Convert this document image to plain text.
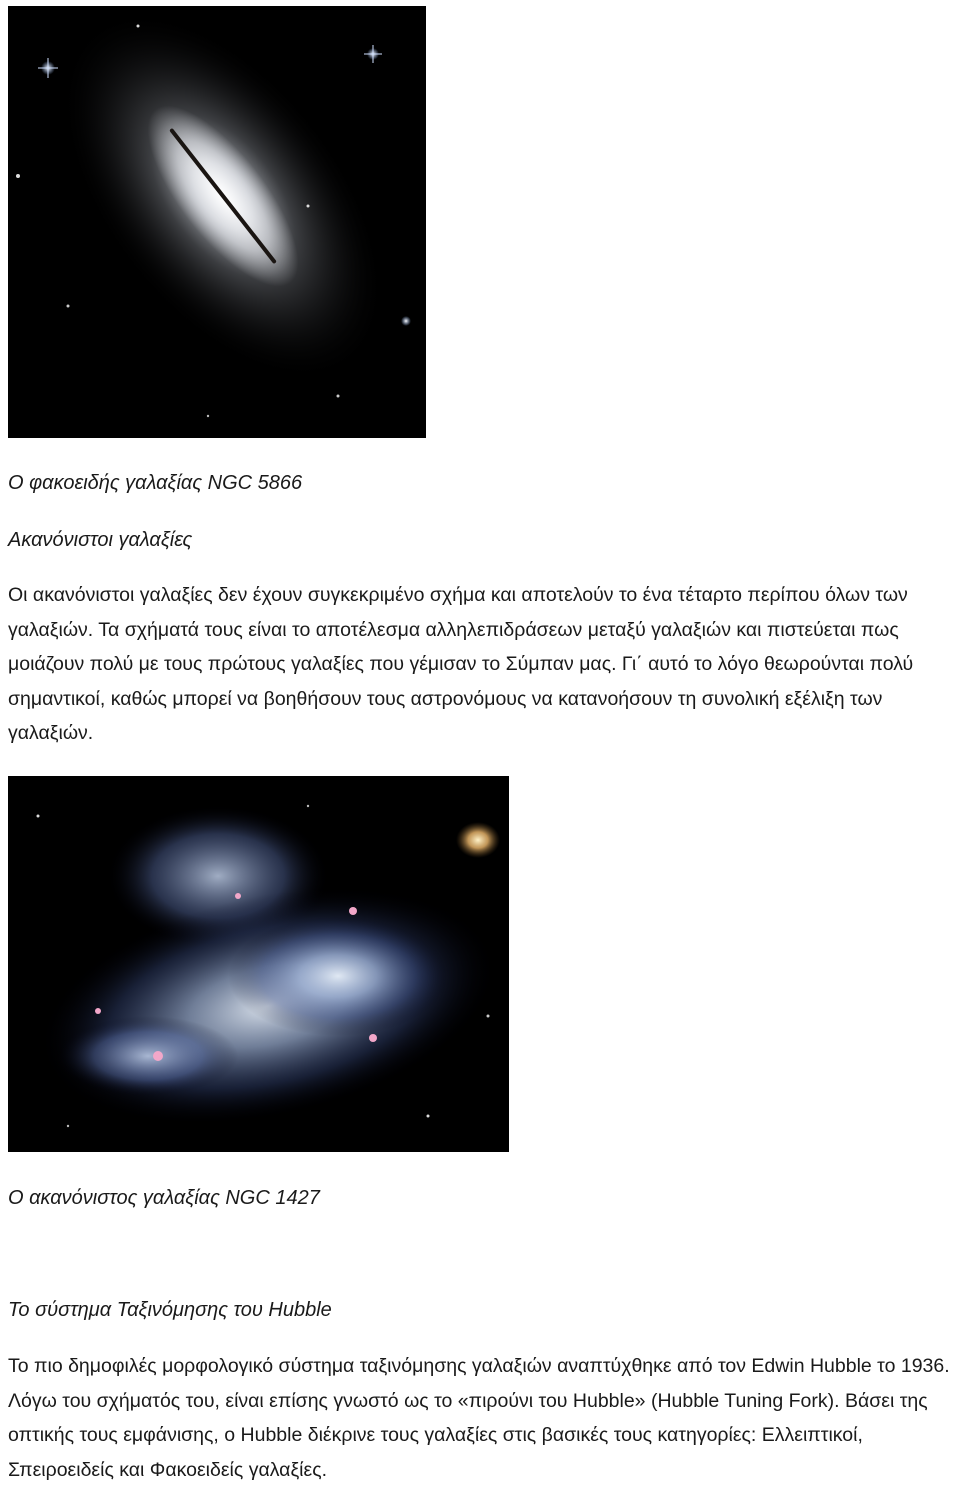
Ο φακοειδής γαλαξίας NGC 5866
Ακανόνιστοι γαλαξίες

Οι ακανόνιστοι γαλαξίες δεν έχουν συγκεκριμένο σχήμα και αποτελούν το ένα τέταρτο περίπου όλων των γαλαξιών. Τα σχήματά τους είναι το αποτέλεσμα αλληλεπιδράσεων μεταξύ γαλαξιών και πιστεύεται πως μοιάζουν πολύ με τους πρώτους γαλαξίες που γέμισαν το Σύμπαν μας. Γι΄ αυτό το λόγο θεωρούνται πολύ σημαντικοί, καθώς μπορεί να βοηθήσουν τους αστρονόμους να κατανοήσουν τη συνολική εξέλιξη των γαλαξιών.

Ο ακανόνιστος γαλαξίας NGC 1427
Το σύστημα Ταξινόμησης του Hubble

Το πιο δημοφιλές μορφολογικό σύστημα ταξινόμησης γαλαξιών αναπτύχθηκε από τον Edwin Hubble το 1936. Λόγω του σχήματός του, είναι επίσης γνωστό ως το «πιρούνι του Hubble» (Hubble Tuning Fork). Βάσει της οπτικής τους εμφάνισης, ο Hubble διέκρινε τους γαλαξίες στις βασικές τους κατηγορίες: Ελλειπτικοί, Σπειροειδείς και Φακοειδείς γαλαξίες.
